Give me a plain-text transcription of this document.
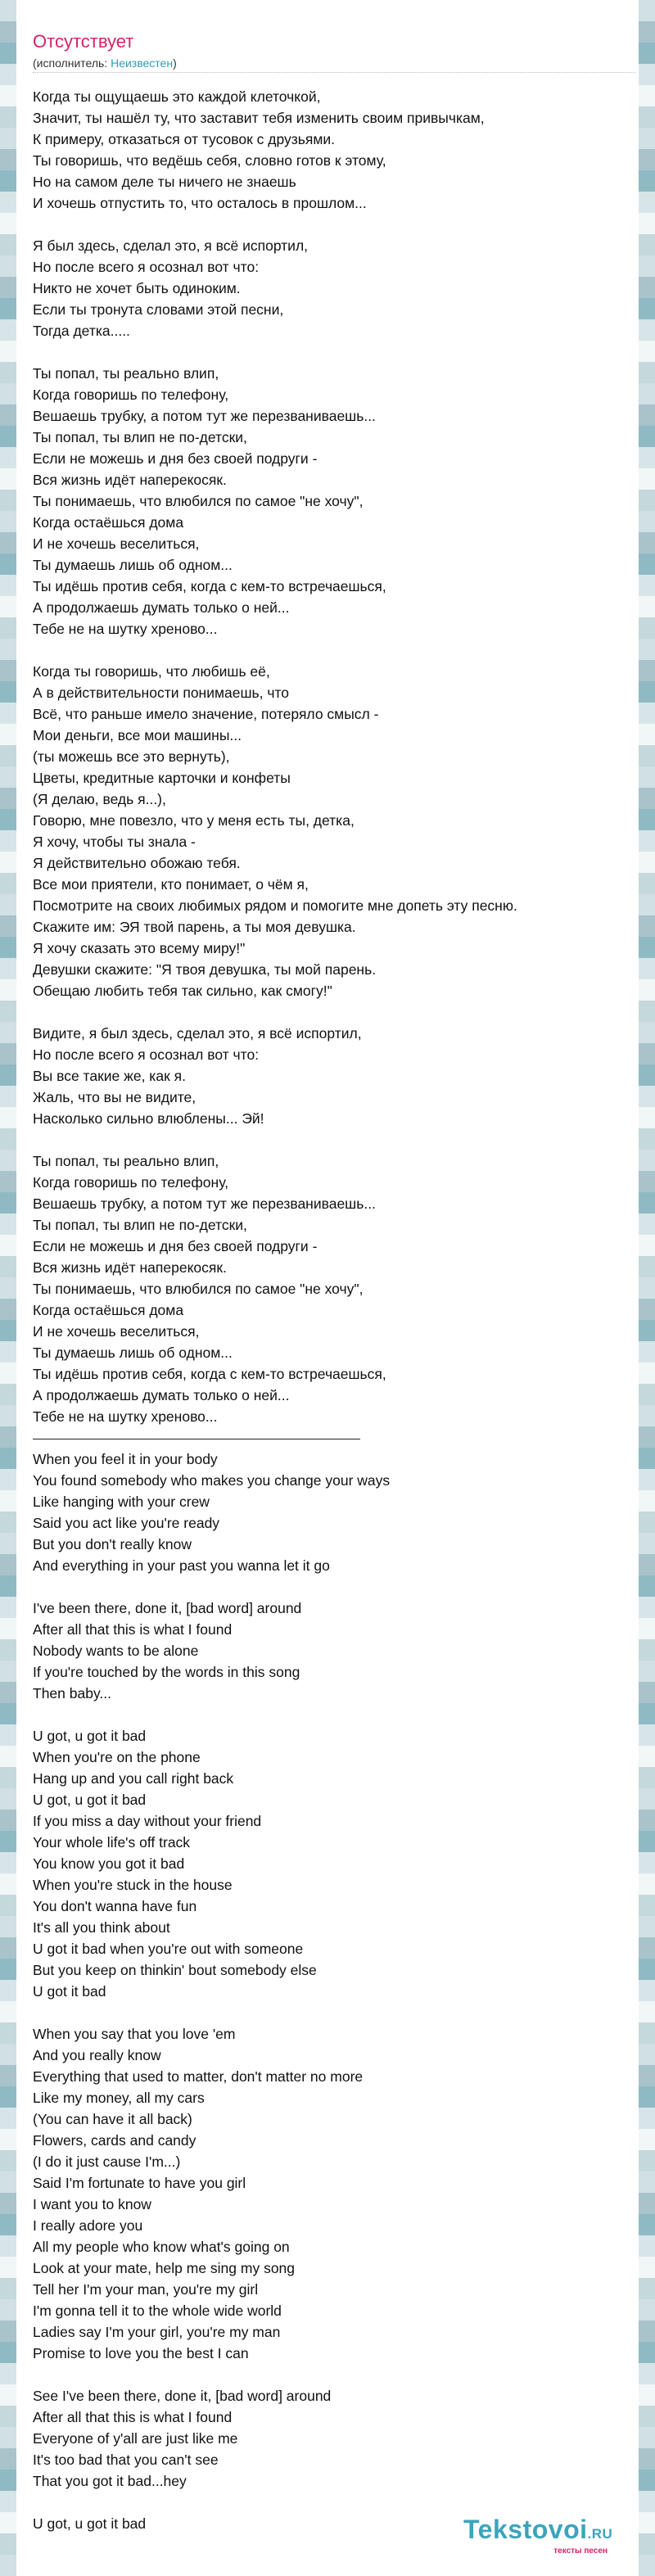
Отсутствует
(исполнитель: Неизвестен)
Когда ты ощущаешь это каждой клеточкой,
Значит, ты нашёл ту, что заставит тебя изменить своим привычкам,
К примеру, отказаться от тусовок с друзьями.
Ты говоришь, что ведёшь себя, словно готов к этому,
Но на самом деле ты ничего не знаешь
И хочешь отпустить то, что осталось в прошлом...
Я был здесь, сделал это, я всё испортил,
Но после всего я осознал вот что:
Никто не хочет быть одиноким.
Если ты тронута словами этой песни,
Тогда детка.....
Ты попал, ты реально влип,
Когда говоришь по телефону,
Вешаешь трубку, а потом тут же перезваниваешь...
Ты попал, ты влип не по-детски,
Если не можешь и дня без своей подруги -
Вся жизнь идёт наперекосяк.
Ты понимаешь, что влюбился по самое "не хочу",
Когда остаёшься дома
И не хочешь веселиться,
Ты думаешь лишь об одном...
Ты идёшь против себя, когда с кем-то встречаешься,
А продолжаешь думать только о ней...
Тебе не на шутку хреново...
Когда ты говоришь, что любишь её,
А в действительности понимаешь, что
Всё, что раньше имело значение, потеряло смысл -
Мои деньги, все мои машины...
(ты можешь все это вернуть),
Цветы, кредитные карточки и конфеты
(Я делаю, ведь я...),
Говорю, мне повезло, что у меня есть ты, детка,
Я хочу, чтобы ты знала -
Я действительно обожаю тебя.
Все мои приятели, кто понимает, о чём я,
Посмотрите на своих любимых рядом и помогите мне допеть эту песню.
Скажите им: ЭЯ твой парень, а ты моя девушка.
Я хочу сказать это всему миру!"
Девушки скажите: "Я твоя девушка, ты мой парень.
Обещаю любить тебя так сильно, как смогу!"
Видите, я был здесь, сделал это, я всё испортил,
Но после всего я осознал вот что:
Вы все такие же, как я.
Жаль, что вы не видите,
Насколько сильно влюблены... Эй!
Ты попал, ты реально влип,
Когда говоришь по телефону,
Вешаешь трубку, а потом тут же перезваниваешь...
Ты попал, ты влип не по-детски,
Если не можешь и дня без своей подруги -
Вся жизнь идёт наперекосяк.
Ты понимаешь, что влюбился по самое "не хочу",
Когда остаёшься дома
И не хочешь веселиться,
Ты думаешь лишь об одном...
Ты идёшь против себя, когда с кем-то встречаешься,
А продолжаешь думать только о ней...
Тебе не на шутку хреново...
When you feel it in your body
You found somebody who makes you change your ways
Like hanging with your crew
Said you act like you're ready
But you don't really know
And everything in your past you wanna let it go
I've been there, done it, [bad word] around
After all that this is what I found
Nobody wants to be alone
If you're touched by the words in this song
Then baby...
U got, u got it bad
When you're on the phone
Hang up and you call right back
U got, u got it bad
If you miss a day without your friend
Your whole life's off track
You know you got it bad
When you're stuck in the house
You don't wanna have fun
It's all you think about
U got it bad when you're out with someone
But you keep on thinkin' bout somebody else
U got it bad
When you say that you love 'em
And you really know
Everything that used to matter, don't matter no more
Like my money, all my cars
(You can have it all back)
Flowers, cards and candy
(I do it just cause I'm...)
Said I'm fortunate to have you girl
I want you to know
I really adore you
All my people who know what's going on
Look at your mate, help me sing my song
Tell her I'm your man, you're my girl
I'm gonna tell it to the whole wide world
Ladies say I'm your girl, you're my man
Promise to love you the best I can
See I've been there, done it, [bad word] around
After all that this is what I found
Everyone of y'all are just like me
It's too bad that you can't see
That you got it bad...hey
U got, u got it bad	Tekstovoi.RU
тексты песен
